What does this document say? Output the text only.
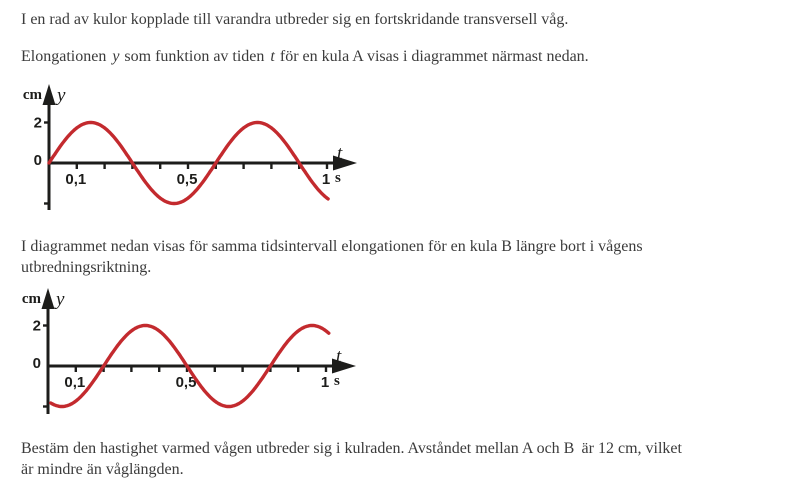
I en rad av kulor kopplade till varandra utbreder sig en fortskridande transversell våg.
Elongationen y som funktion av tiden t för en kula A visas i diagrammet närmast nedan.
cm y
2
0
0,1	0,5	1 s
t
I diagrammet nedan visas för samma tidsintervall elongationen för en kula B längre bort i vågens
utbredningsriktning.
cm y
2
0
0,1	0,5	1 s
t
Bestäm den hastighet varmed vågen utbreder sig i kulraden. Avståndet mellan A och B  är 12 cm, vilket
är mindre än våglängden.
